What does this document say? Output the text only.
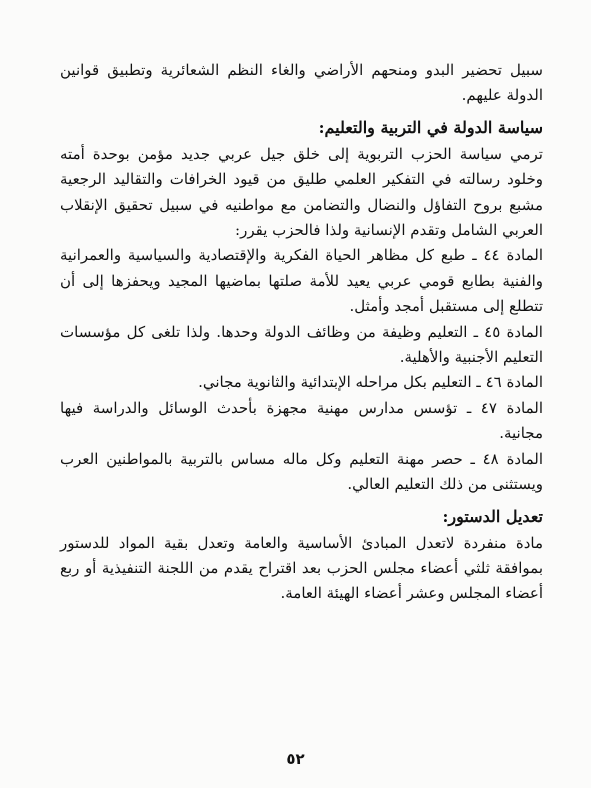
سبيل تحضير البدو ومنحهم الأراضي والغاء النظم الشعائرية وتطبيق قوانين الدولة عليهم.

سياسة الدولة في التربية والتعليم:

ترمي سياسة الحزب التربوية إلى خلق جيل عربي جديد مؤمن بوحدة أمته وخلود رسالته في التفكير العلمي طليق من قيود الخرافات والتقاليد الرجعية مشبع بروح التفاؤل والنضال والتضامن مع مواطنيه في سبيل تحقيق الإنقلاب العربي الشامل وتقدم الإنسانية ولذا فالحزب يقرر:

المادة ٤٤ ـ طبع كل مظاهر الحياة الفكرية والإقتصادية والسياسية والعمرانية والفنية بطابع قومي عربي يعيد للأمة صلتها بماضيها المجيد ويحفزها إلى أن تتطلع إلى مستقبل أمجد وأمثل.

المادة ٤٥ ـ التعليم وظيفة من وظائف الدولة وحدها. ولذا تلغى كل مؤسسات التعليم الأجنبية والأهلية.

المادة ٤٦ ـ التعليم بكل مراحله الإبتدائية والثانوية مجاني.

المادة ٤٧ ـ تؤسس مدارس مهنية مجهزة بأحدث الوسائل والدراسة فيها مجانية.

المادة ٤٨ ـ حصر مهنة التعليم وكل ماله مساس بالتربية بالمواطنين العرب ويستثنى من ذلك التعليم العالي.

تعديل الدستور:

مادة منفردة لاتعدل المبادئ الأساسية والعامة وتعدل بقية المواد للدستور بموافقة ثلثي أعضاء مجلس الحزب بعد اقتراح يقدم من اللجنة التنفيذية أو ربع أعضاء المجلس وعشر أعضاء الهيئة العامة.

٥٢
